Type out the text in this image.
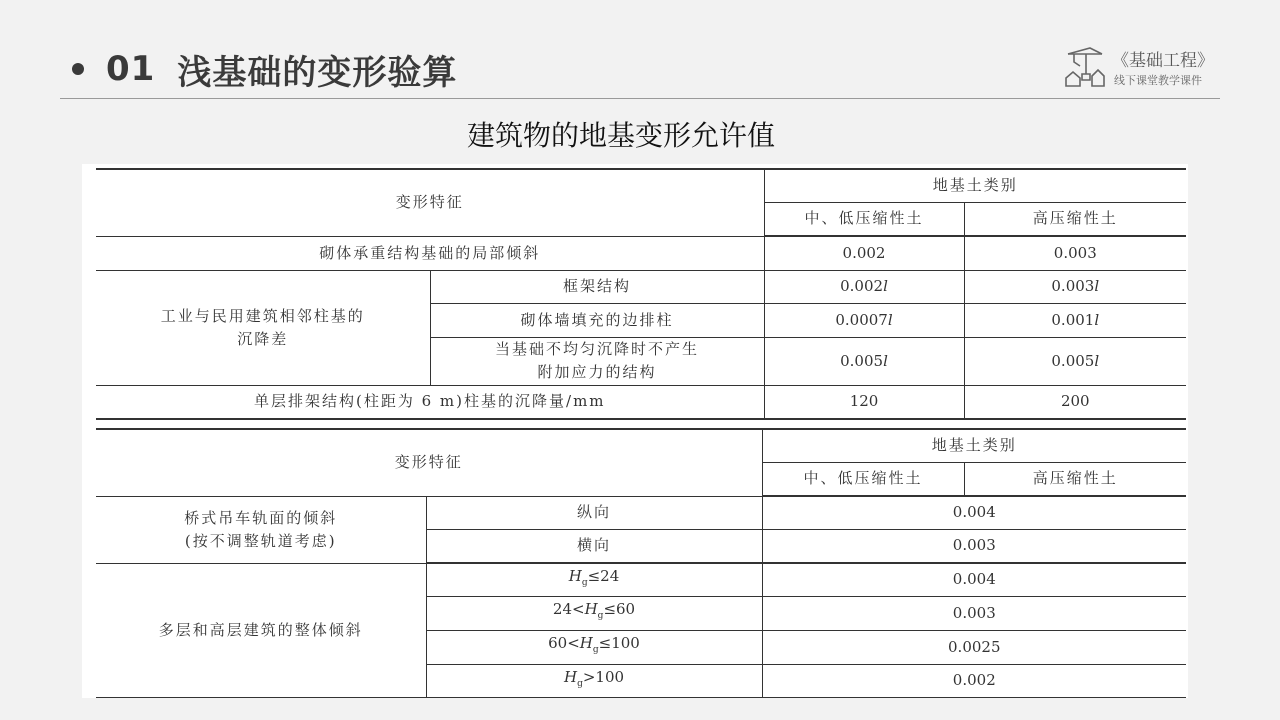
01 浅基础的变形验算	《基础工程》
线下课堂教学课件
建筑物的地基变形允许值
变形特征		地基土类别	
		中、低压缩性土	高压缩性土
砌体承重结构基础的局部倾斜		0.002	0.003
工业与民用建筑相邻柱基的
沉降差	框架结构	0.002l	0.003l
	砌体墙填充的边排柱	0.0007l	0.001l
	当基础不均匀沉降时不产生
附加应力的结构	0.005l	0.005l
单层排架结构(柱距为 6 m)柱基的沉降量/mm		120	200
变形特征		地基土类别	
		中、低压缩性土	高压缩性土
桥式吊车轨面的倾斜
(按不调整轨道考虑)	纵向	0.004	
	横向	0.003	
多层和高层建筑的整体倾斜	$H_g\le 24$	0.004	
	$24<H_g\le 60$	0.003	
	$60<H_g\le 100$	0.0025	
	$H_g>100$	0.002	
